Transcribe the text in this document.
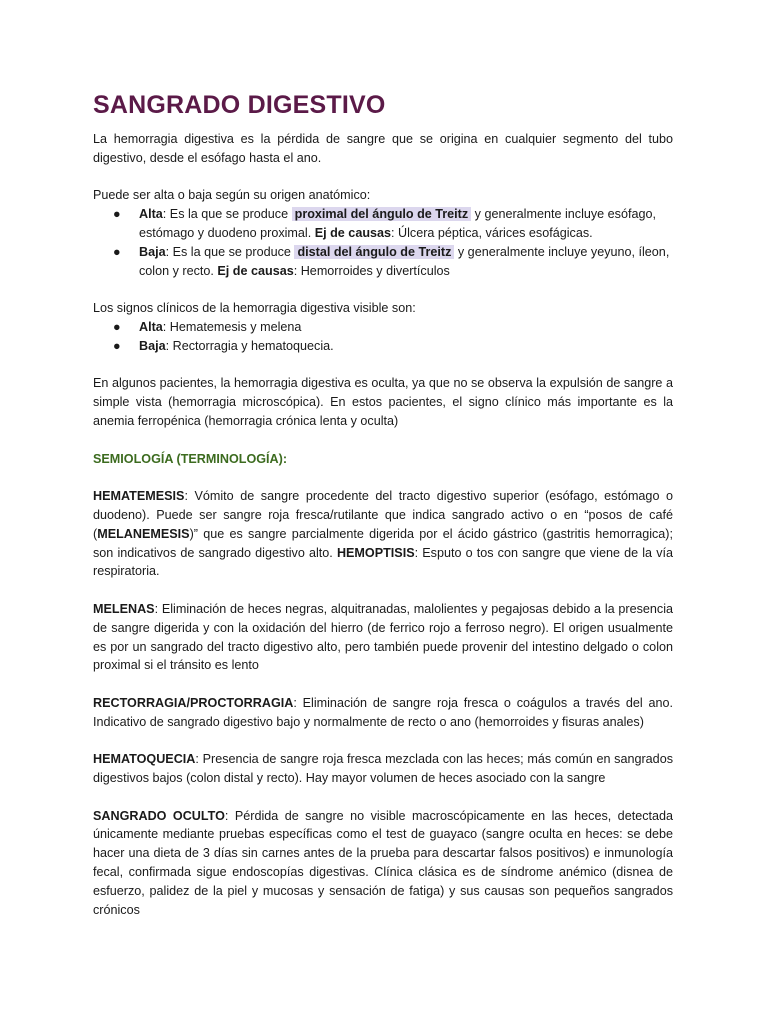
SANGRADO DIGESTIVO

La hemorragia digestiva es la pérdida de sangre que se origina en cualquier segmento del tubo digestivo, desde el esófago hasta el ano.

Puede ser alta o baja según su origen anatómico:

● Alta: Es la que se produce proximal del ángulo de Treitz y generalmente incluye esófago, estómago y duodeno proximal. Ej de causas: Úlcera péptica, várices esofágicas.
● Baja: Es la que se produce distal del ángulo de Treitz y generalmente incluye yeyuno, íleon, colon y recto. Ej de causas: Hemorroides y divertículos

Los signos clínicos de la hemorragia digestiva visible son:

● Alta: Hematemesis y melena
● Baja: Rectorragia y hematoquecia.

En algunos pacientes, la hemorragia digestiva es oculta, ya que no se observa la expulsión de sangre a simple vista (hemorragia microscópica). En estos pacientes, el signo clínico más importante es la anemia ferropénica (hemorragia crónica lenta y oculta)

SEMIOLOGÍA (TERMINOLOGÍA):

HEMATEMESIS: Vómito de sangre procedente del tracto digestivo superior (esófago, estómago o duodeno). Puede ser sangre roja fresca/rutilante que indica sangrado activo o en “posos de café (MELANEMESIS)” que es sangre parcialmente digerida por el ácido gástrico (gastritis hemorragica); son indicativos de sangrado digestivo alto. HEMOPTISIS: Esputo o tos con sangre que viene de la vía respiratoria.

MELENAS: Eliminación de heces negras, alquitranadas, malolientes y pegajosas debido a la presencia de sangre digerida y con la oxidación del hierro (de ferrico rojo a ferroso negro). El origen usualmente es por un sangrado del tracto digestivo alto, pero también puede provenir del intestino delgado o colon proximal si el tránsito es lento

RECTORRAGIA/PROCTORRAGIA: Eliminación de sangre roja fresca o coágulos a través del ano. Indicativo de sangrado digestivo bajo y normalmente de recto o ano (hemorroides y fisuras anales)

HEMATOQUECIA: Presencia de sangre roja fresca mezclada con las heces; más común en sangrados digestivos bajos (colon distal y recto). Hay mayor volumen de heces asociado con la sangre

SANGRADO OCULTO: Pérdida de sangre no visible macroscópicamente en las heces, detectada únicamente mediante pruebas específicas como el test de guayaco (sangre oculta en heces: se debe hacer una dieta de 3 días sin carnes antes de la prueba para descartar falsos positivos) e inmunología fecal, confirmada sigue endoscopías digestivas. Clínica clásica es de síndrome anémico (disnea de esfuerzo, palidez de la piel y mucosas y sensación de fatiga) y sus causas son pequeños sangrados crónicos
